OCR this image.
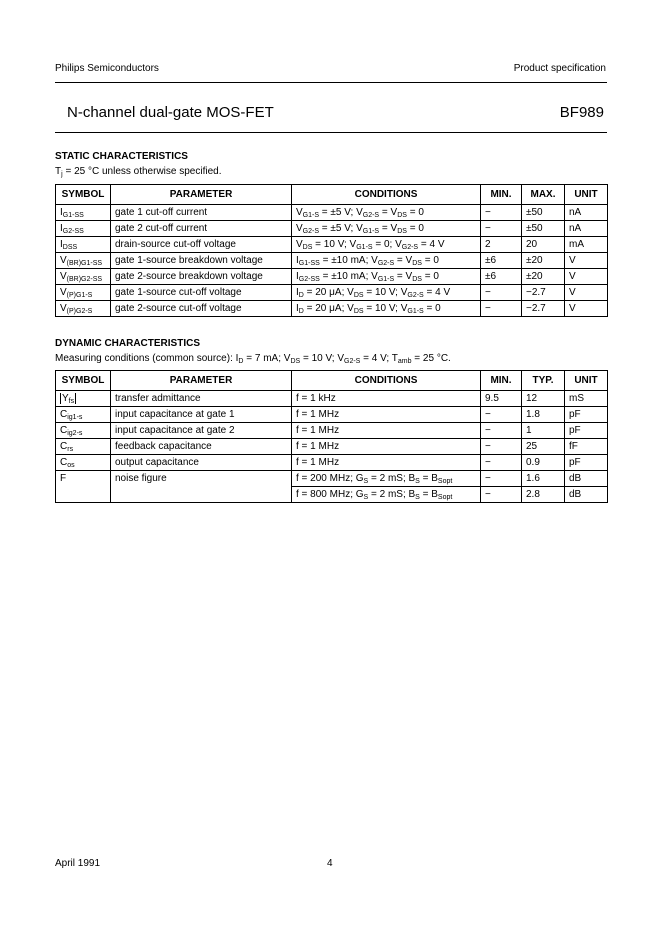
Philips Semiconductors	Product specification
N-channel dual-gate MOS-FET	BF989
STATIC CHARACTERISTICS
$T_j = 25$ °C unless otherwise specified.
SYMBOL	PARAMETER	CONDITIONS	MIN.	MAX.	UNIT
$I_{G1-SS}$	gate 1 cut-off current	$V_{G1-S} = \pm 5$ V; $V_{G2-S} = V_{DS} = 0$	−	±50	nA
$I_{G2-SS}$	gate 2 cut-off current	$V_{G2-S} = \pm 5$ V; $V_{G1-S} = V_{DS} = 0$	−	±50	nA
$I_{DSS}$	drain-source cut-off voltage	$V_{DS} = 10$ V; $V_{G1-S} = 0$; $V_{G2-S} = 4$ V	2	20	mA
$V_{(BR)G1-SS}$	gate 1-source breakdown voltage	$I_{G1-SS} = \pm 10$ mA; $V_{G2-S} = V_{DS} = 0$	±6	±20	V
$V_{(BR)G2-SS}$	gate 2-source breakdown voltage	$I_{G2-SS} = \pm 10$ mA; $V_{G1-S} = V_{DS} = 0$	±6	±20	V
$V_{(P)G1-S}$	gate 1-source cut-off voltage	$I_D = 20$ μA; $V_{DS} = 10$ V; $V_{G2-S} = 4$ V	−	−2.7	V
$V_{(P)G2-S}$	gate 2-source cut-off voltage	$I_D = 20$ μA; $V_{DS} = 10$ V; $V_{G1-S} = 0$	−	−2.7	V
DYNAMIC CHARACTERISTICS
Measuring conditions (common source): $I_D = 7$ mA; $V_{DS} = 10$ V; $V_{G2-S} = 4$ V; $T_{amb} = 25$ °C.
SYMBOL	PARAMETER	CONDITIONS	MIN.	TYP.	UNIT
$Y_{fs}$	transfer admittance	f = 1 kHz	9.5	12	mS
$C_{ig1-s}$	input capacitance at gate 1	f = 1 MHz	−	1.8	pF
$C_{ig2-s}$	input capacitance at gate 2	f = 1 MHz	−	1	pF
$C_{rs}$	feedback capacitance	f = 1 MHz	−	25	fF
$C_{os}$	output capacitance	f = 1 MHz	−	0.9	pF
F	noise figure	f = 200 MHz; $G_S = 2$ mS; $B_S = B_{Sopt}$	−	1.6	dB
		f = 800 MHz; $G_S = 2$ mS; $B_S = B_{Sopt}$	−	2.8	dB
April 1991	4
